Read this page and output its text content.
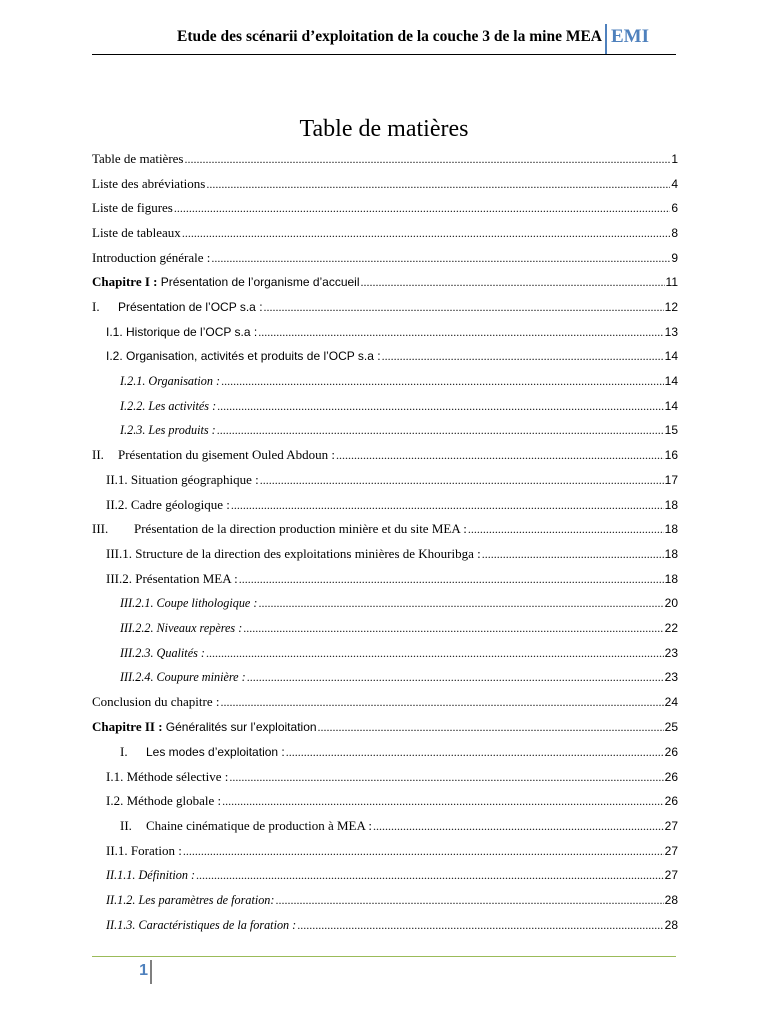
Etude des scénarii d’exploitation de la couche 3 de la mine MEA EMI
Table de matières
Table de matières .....	1
Liste des abréviations .....	4
Liste de figures .....	6
Liste de tableaux .....	8
Introduction générale : .....	9
Chapitre I : Présentation de l’organisme d’accueil .....	11
I. Présentation de l’OCP s.a : .....	12
I.1. Historique de l’OCP s.a : .....	13
I.2. Organisation, activités et produits de l’OCP s.a : .....	14
I.2.1. Organisation : .....	14
I.2.2. Les activités : .....	14
I.2.3. Les produits : .....	15
II. Présentation du gisement Ouled Abdoun : .....	16
II.1. Situation géographique : .....	17
II.2. Cadre géologique : .....	18
III. Présentation de la direction production minière et du site MEA : .....	18
III.1. Structure de la direction des exploitations minières de Khouribga : .....	18
III.2. Présentation MEA : .....	18
III.2.1. Coupe lithologique : .....	20
III.2.2. Niveaux repères : .....	22
III.2.3. Qualités : .....	23
III.2.4. Coupure minière : .....	23
Conclusion du chapitre : .....	24
Chapitre II : Généralités sur l’exploitation .....	25
I. Les modes d’exploitation : .....	26
I.1. Méthode sélective : .....	26
I.2. Méthode globale : .....	26
II. Chaine cinématique de production à MEA : .....	27
II.1. Foration : .....	27
II.1.1. Définition : .....	27
II.1.2. Les paramètres de foration: .....	28
II.1.3. Caractéristiques de la foration : .....	28
1
